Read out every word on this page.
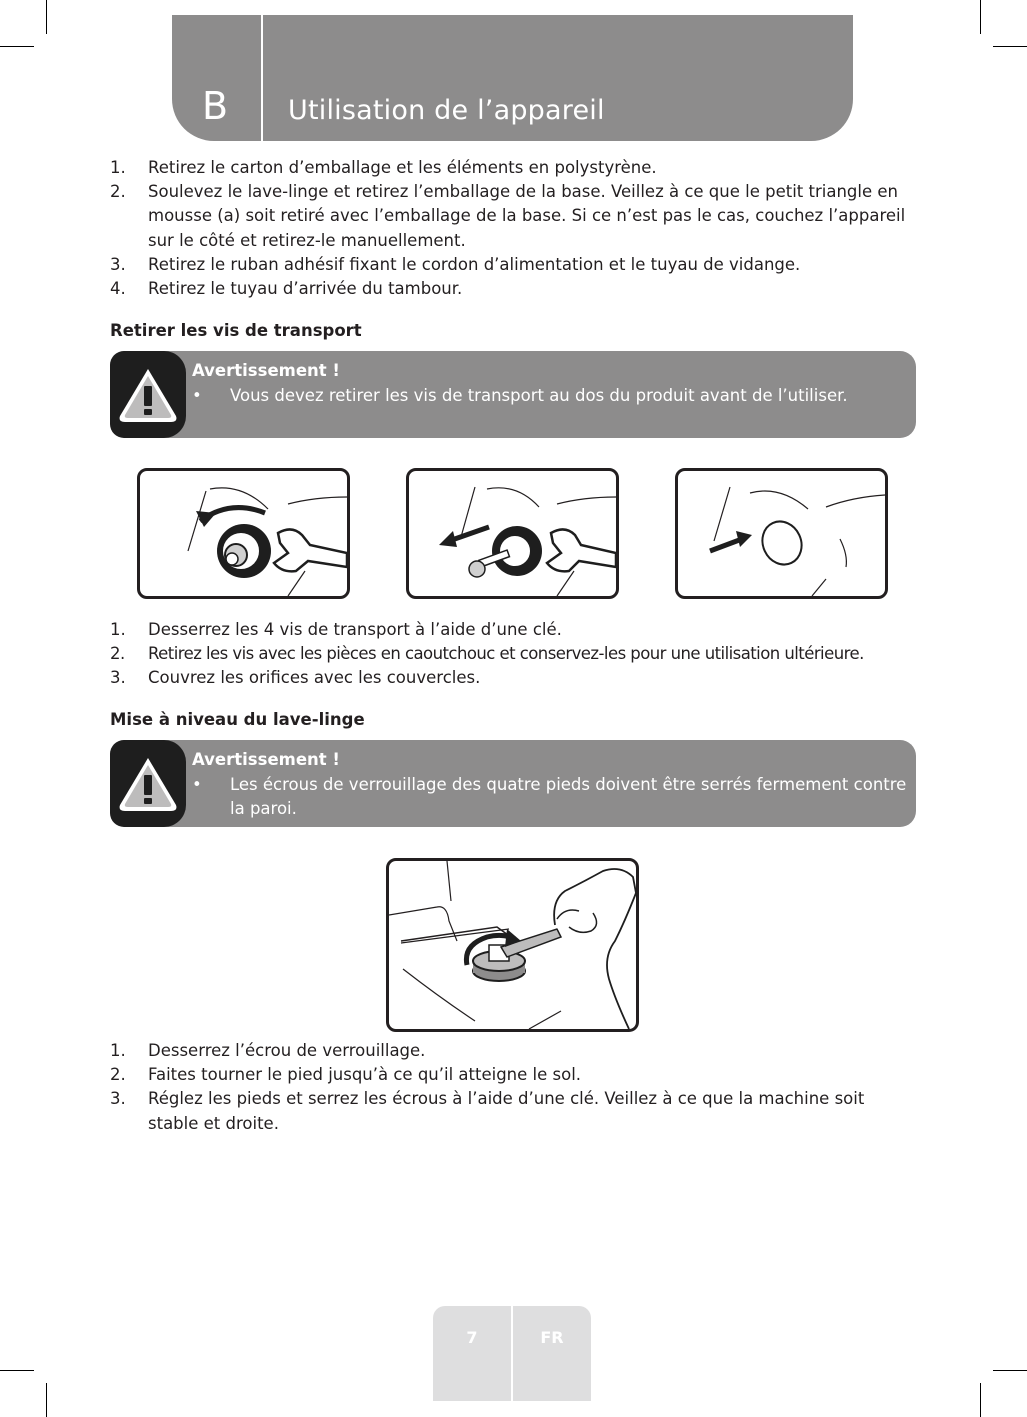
B Utilisation de l’appareil
1. Retirez le carton d’emballage et les éléments en polystyrène.
2. Soulevez le lave-linge et retirez l’emballage de la base. Veillez à ce que le petit triangle en mousse (a) soit retiré avec l’emballage de la base. Si ce n’est pas le cas, couchez l’appareil sur le côté et retirez-le manuellement.
3. Retirez le ruban adhésif fixant le cordon d’alimentation et le tuyau de vidange.
4. Retirez le tuyau d’arrivée du tambour.
Retirer les vis de transport
Avertissement !
• Vous devez retirer les vis de transport au dos du produit avant de l’utiliser.
1. Desserrez les 4 vis de transport à l’aide d’une clé.
2. Retirez les vis avec les pièces en caoutchouc et conservez-les pour une utilisation ultérieure.
3. Couvrez les orifices avec les couvercles.
Mise à niveau du lave-linge
Avertissement !
• Les écrous de verrouillage des quatre pieds doivent être serrés fermement contre la paroi.
1. Desserrez l’écrou de verrouillage.
2. Faites tourner le pied jusqu’à ce qu’il atteigne le sol.
3. Réglez les pieds et serrez les écrous à l’aide d’une clé. Veillez à ce que la machine soit stable et droite.
7	FR
